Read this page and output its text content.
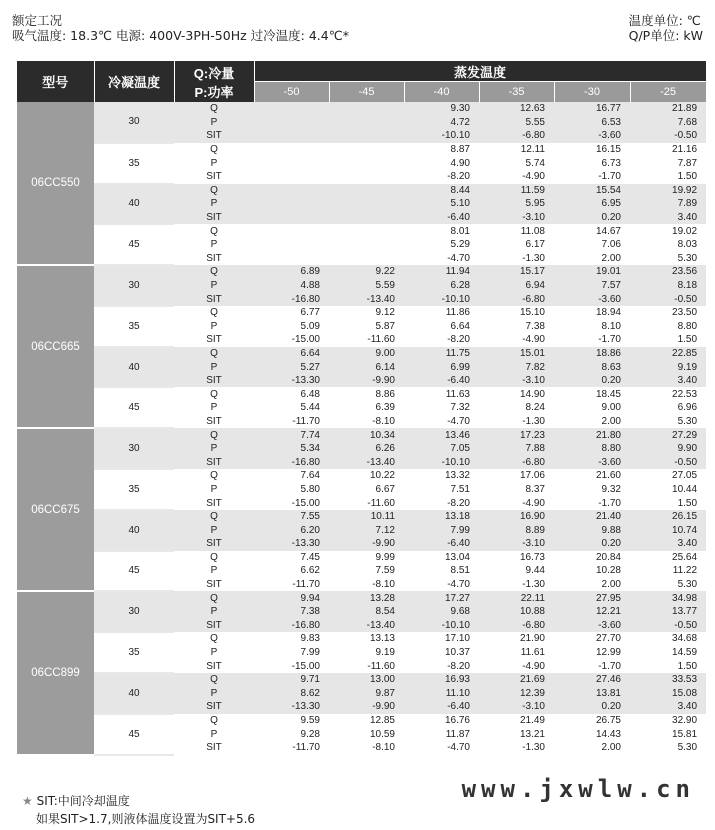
额定工况
吸气温度: 18.3℃ 电源: 400V-3PH-50Hz 过冷温度: 4.4℃*
温度单位: ℃
Q/P单位: kW
型号	冷凝温度	Q:冷量
P:功率	蒸发温度					
			-50	-45	-40	-35	-30	-25
06CC550	30	Q			9.30	12.63	16.77	21.89
		P			4.72	5.55	6.53	7.68
		SIT			-10.10	-6.80	-3.60	-0.50
	35	Q			8.87	12.11	16.15	21.16
		P			4.90	5.74	6.73	7.87
		SIT			-8.20	-4.90	-1.70	1.50
	40	Q			8.44	11.59	15.54	19.92
		P			5.10	5.95	6.95	7.89
		SIT			-6.40	-3.10	0.20	3.40
	45	Q			8.01	11.08	14.67	19.02
		P			5.29	6.17	7.06	8.03
		SIT			-4.70	-1.30	2.00	5.30
06CC665	30	Q	6.89	9.22	11.94	15.17	19.01	23.56
		P	4.88	5.59	6.28	6.94	7.57	8.18
		SIT	-16.80	-13.40	-10.10	-6.80	-3.60	-0.50
	35	Q	6.77	9.12	11.86	15.10	18.94	23.50
		P	5.09	5.87	6.64	7.38	8.10	8.80
		SIT	-15.00	-11.60	-8.20	-4.90	-1.70	1.50
	40	Q	6.64	9.00	11.75	15.01	18.86	22.85
		P	5.27	6.14	6.99	7.82	8.63	9.19
		SIT	-13.30	-9.90	-6.40	-3.10	0.20	3.40
	45	Q	6.48	8.86	11.63	14.90	18.45	22.53
		P	5.44	6.39	7.32	8.24	9.00	6.96
		SIT	-11.70	-8.10	-4.70	-1.30	2.00	5.30
06CC675	30	Q	7.74	10.34	13.46	17.23	21.80	27.29
		P	5.34	6.26	7.05	7.88	8.80	9.90
		SIT	-16.80	-13.40	-10.10	-6.80	-3.60	-0.50
	35	Q	7.64	10.22	13.32	17.06	21.60	27.05
		P	5.80	6.67	7.51	8.37	9.32	10.44
		SIT	-15.00	-11.60	-8.20	-4.90	-1.70	1.50
	40	Q	7.55	10.11	13.18	16.90	21.40	26.15
		P	6.20	7.12	7.99	8.89	9.88	10.74
		SIT	-13.30	-9.90	-6.40	-3.10	0.20	3.40
	45	Q	7.45	9.99	13.04	16.73	20.84	25.64
		P	6.62	7.59	8.51	9.44	10.28	11.22
		SIT	-11.70	-8.10	-4.70	-1.30	2.00	5.30
06CC899	30	Q	9.94	13.28	17.27	22.11	27.95	34.98
		P	7.38	8.54	9.68	10.88	12.21	13.77
		SIT	-16.80	-13.40	-10.10	-6.80	-3.60	-0.50
	35	Q	9.83	13.13	17.10	21.90	27.70	34.68
		P	7.99	9.19	10.37	11.61	12.99	14.59
		SIT	-15.00	-11.60	-8.20	-4.90	-1.70	1.50
	40	Q	9.71	13.00	16.93	21.69	27.46	33.53
		P	8.62	9.87	11.10	12.39	13.81	15.08
		SIT	-13.30	-9.90	-6.40	-3.10	0.20	3.40
	45	Q	9.59	12.85	16.76	21.49	26.75	32.90
		P	9.28	10.59	11.87	13.21	14.43	15.81
		SIT	-11.70	-8.10	-4.70	-1.30	2.00	5.30
★ SIT:中间冷却温度
如果SIT>1.7,则液体温度设置为SIT+5.6
www.jxwlw.cn
